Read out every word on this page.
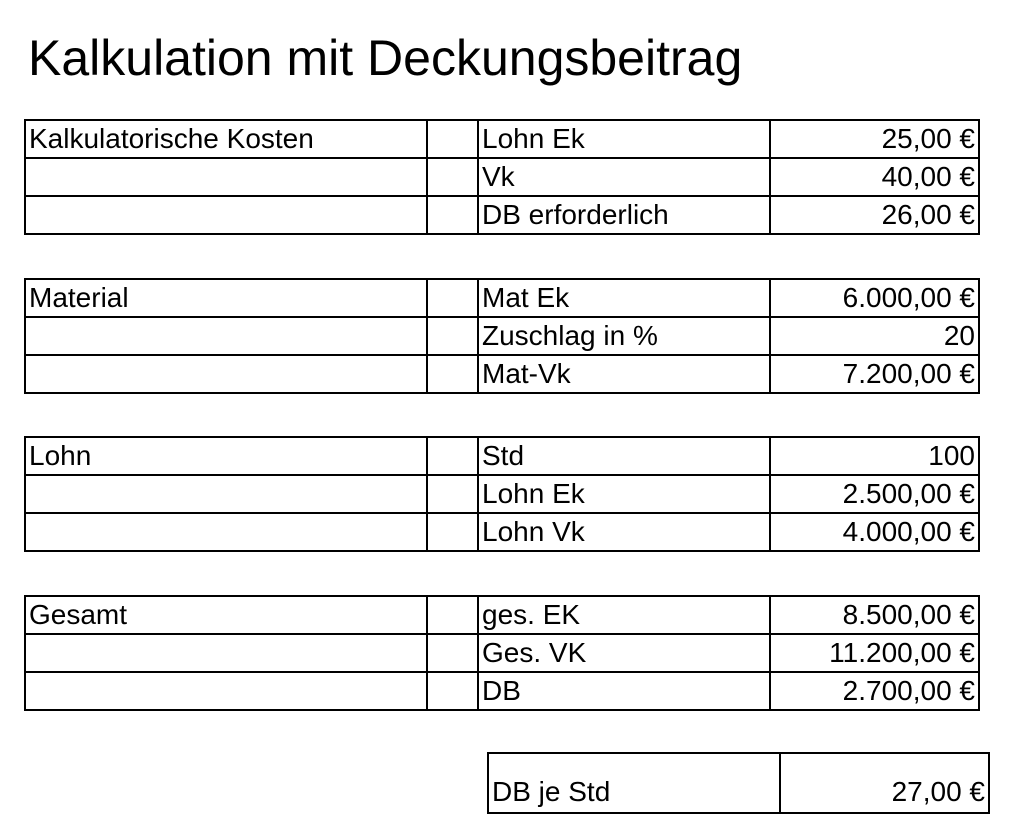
Kalkulation mit Deckungsbeitrag
Kalkulatorische Kosten		Lohn Ek	25,00 €
		Vk	40,00 €
		DB erforderlich	26,00 €
Material		Mat Ek	6.000,00 €
		Zuschlag in %	20
		Mat-Vk	7.200,00 €
Lohn		Std	100
		Lohn Ek	2.500,00 €
		Lohn Vk	4.000,00 €
Gesamt		ges. EK	8.500,00 €
		Ges. VK	11.200,00 €
		DB	2.700,00 €
DB je Std	27,00 €
